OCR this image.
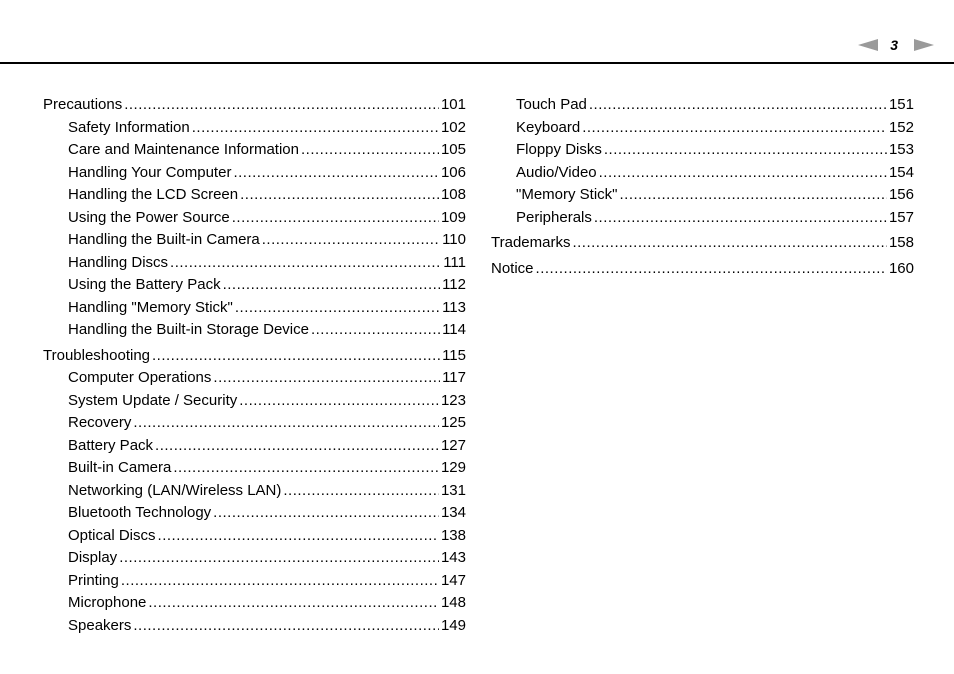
3
Precautions .....	101
Safety Information .....	102
Care and Maintenance Information .....	105
Handling Your Computer .....	106
Handling the LCD Screen .....	108
Using the Power Source .....	109
Handling the Built-in Camera .....	110
Handling Discs .....	111
Using the Battery Pack .....	112
Handling "Memory Stick" .....	113
Handling the Built-in Storage Device .....	114
Troubleshooting .....	115
Computer Operations .....	117
System Update / Security .....	123
Recovery .....	125
Battery Pack .....	127
Built-in Camera .....	129
Networking (LAN/Wireless LAN) .....	131
Bluetooth Technology .....	134
Optical Discs .....	138
Display .....	143
Printing .....	147
Microphone .....	148
Speakers .....	149
Touch Pad .....	151
Keyboard .....	152
Floppy Disks .....	153
Audio/Video .....	154
"Memory Stick" .....	156
Peripherals .....	157
Trademarks .....	158
Notice .....	160
